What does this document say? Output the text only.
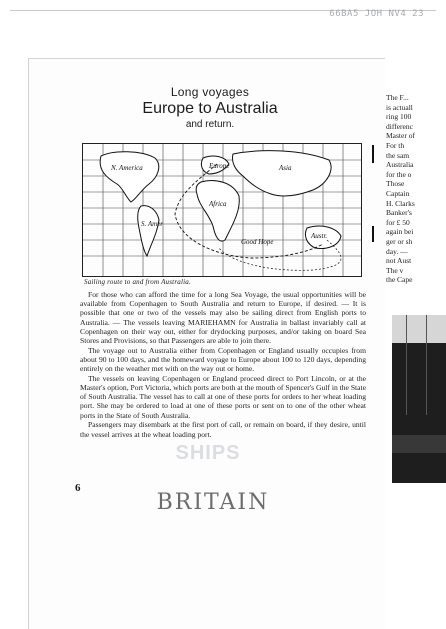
66BA5 JOH NV4 23
Long voyages
Europe to Australia
and return.
N. America	Europe	Asia
Africa
S. Amer
Good Hope
Austr.
Sailing route to and from Australia.

For those who can afford the time for a long Sea Voyage, the usual opportunities will be available from Copenhagen to South Australia and return to Europe, if desired. — It is possible that one or two of the vessels may also be sailing direct from English ports to Australia. — The vessels leaving MARIEHAMN for Australia in ballast invariably call at Copenhagen on their way out, either for drydocking purposes, and/or taking on board Sea Stores and Provisions, so that Passengers are able to join there.

The voyage out to Australia either from Copenhagen or England usually occupies from about 90 to 100 days, and the homeward voyage to Europe about 100 to 120 days, depending entirely on the weather met with on the way out or home.

The vessels on leaving Copenhagen or England proceed direct to Port Lincoln, or at the Master's option, Port Victoria, which ports are both at the mouth of Spencer's Gulf in the State of South Australia. The vessel has to call at one of these ports for orders to her wheat loading port. She may be ordered to load at one of these ports or sent on to one of the other wheat ports in the State of South Australia.

Passengers may disembark at the first port of call, or remain on board, if they desire, until the vessel arrives at the wheat loading port.

6
SHIPS
BRITAIN
The F...
is actuall
ring 100
differenc
Master of
For th
the sam
Australia
for the o
Those
Captain
H. Clarks
Banker's
for £ 50
again bei
ger or sh
day. —
not Aust
The v
the Cape
